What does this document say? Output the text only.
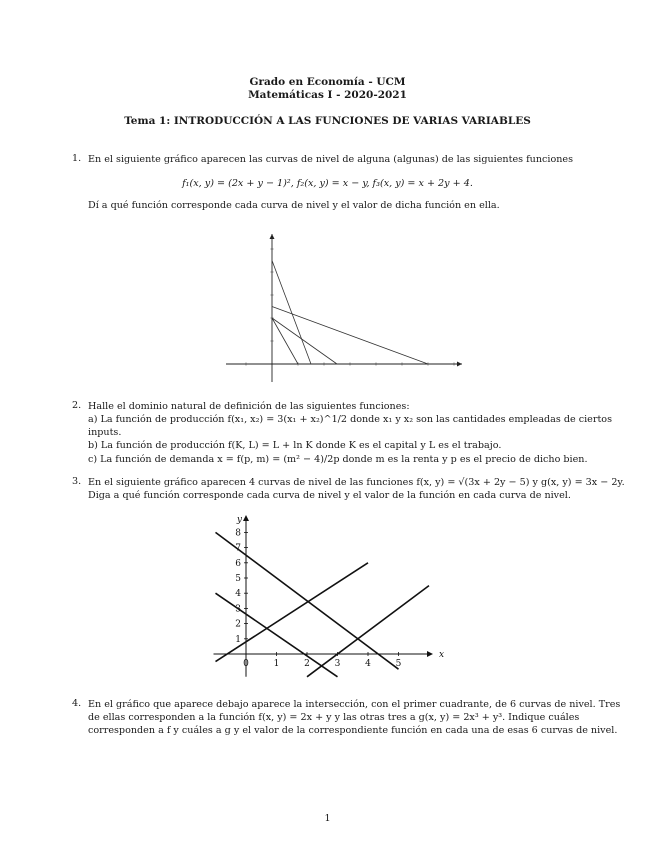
Grado en Economía - UCM
Matemáticas I - 2020-2021
Tema 1: INTRODUCCIÓN A LAS FUNCIONES DE VARIAS VARIABLES
1. En el siguiente gráfico aparecen las curvas de nivel de alguna (algunas) de las siguientes funciones
f₁(x, y) = (2x + y − 1)², f₂(x, y) = x − y, f₃(x, y) = x + 2y + 4.
Dí a qué función corresponde cada curva de nivel y el valor de dicha función en ella.
2. Halle el dominio natural de definición de las siguientes funciones:
a) La función de producción f(x₁, x₂) = 3(x₁ + x₂)^1/2 donde x₁ y x₂ son las cantidades empleadas de ciertos
inputs.
b) La función de producción f(K, L) = L + ln K donde K es el capital y L es el trabajo.
c) La función de demanda x = f(p, m) = (m² − 4)/2p donde m es la renta y p es el precio de dicho bien.
3. En el siguiente gráfico aparecen 4 curvas de nivel de las funciones f(x, y) = √(3x + 2y − 5) y g(x, y) = 3x − 2y.
Diga a qué función corresponde cada curva de nivel y el valor de la función en cada curva de nivel.
0	1	2	3	4	5
1
2
3
4
5
6
7
8
x
y
4. En el gráfico que aparece debajo aparece la intersección, con el primer cuadrante, de 6 curvas de nivel. Tres
de ellas corresponden a la función f(x, y) = 2x + y y las otras tres a g(x, y) = 2x³ + y³. Indique cuáles
corresponden a f y cuáles a g y el valor de la correspondiente función en cada una de esas 6 curvas de nivel.
1
